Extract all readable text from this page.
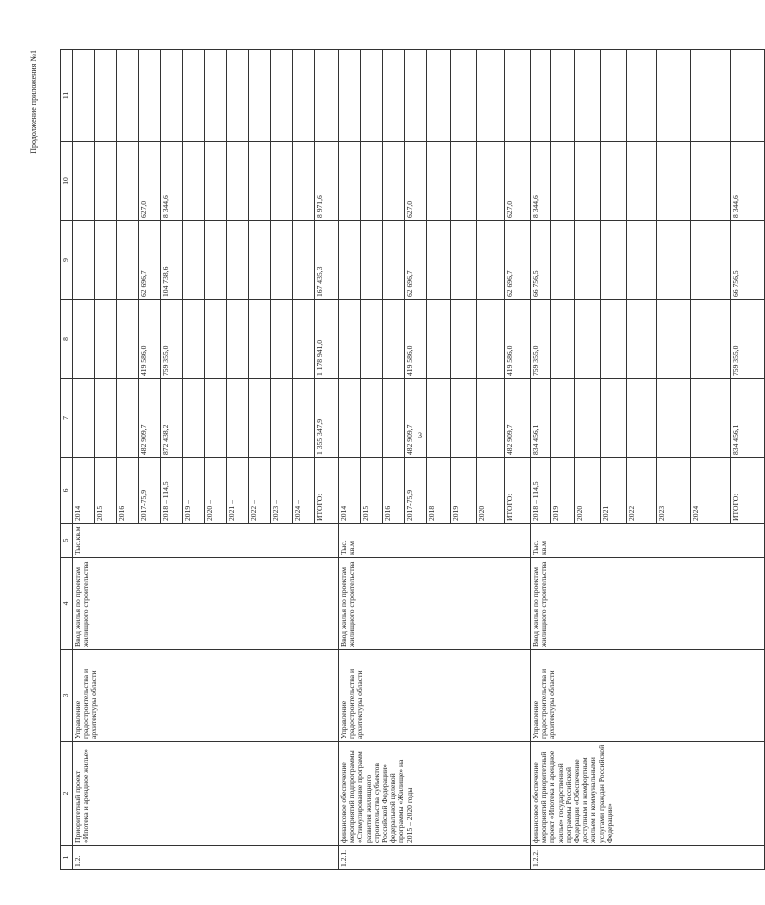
3
Продолжение приложения №1
1	2	3	4	5	6	7	8	9	10	11
1.2.	Приоритетный проект «Ипотека и арендное жилье»	Управление градостроительства и архитектуры области	Ввод жилья по проектам жилищного строительства	Тыс.кв.м	2014					
					2015					
					2016					
					2017-75,9	482 909,7	419 586,0	62 696,7	627,0	
					2018 – 114,5	872 438,2	759 355,0	104 738,6	8 344,6	
					2019 –					
					2020 –					
					2021 –					
					2022 –					
					2023 –					
					2024 –					
					ИТОГО:	1 355 347,9	1 178 941,0	167 435,3	8 971,6	
1.2.1.	финансовое обеспечение мероприятий подпрограммы «Стимулирование программ развития жилищного строительства субъектов Российской Федерации» федеральной целевой программы «Жилище» на 2015 – 2020 годы	Управление градостроительства и архитектуры области	Ввод жилья по проектам жилищного строительства	Тыс. кв.м	2014					
					2015					
					2016					
					2017-75,9	482 909,7	419 586,0	62 696,7	627,0	
					2018					
					2019					
					2020					
					ИТОГО:	482 909,7	419 586,0	62 696,7	627,0	
1.2.2.	финансовое обеспечение мероприятий приоритетный проект «Ипотека и арендное жилье» государственной программы Российской Федерации «Обеспечение доступным и комфортным жильем и коммунальными услугами граждан Российской Федерации»	Управление градостроительства и архитектуры области	Ввод жилья по проектам жилищного строительства	Тыс. кв.м	2018 – 114,5	834 456,1	759 355,0	66 756,5	8 344,6	
					2019					
					2020					
					2021					
					2022					
					2023					
					2024					
					ИТОГО:	834 456,1	759 355,0	66 756,5	8 344,6	
